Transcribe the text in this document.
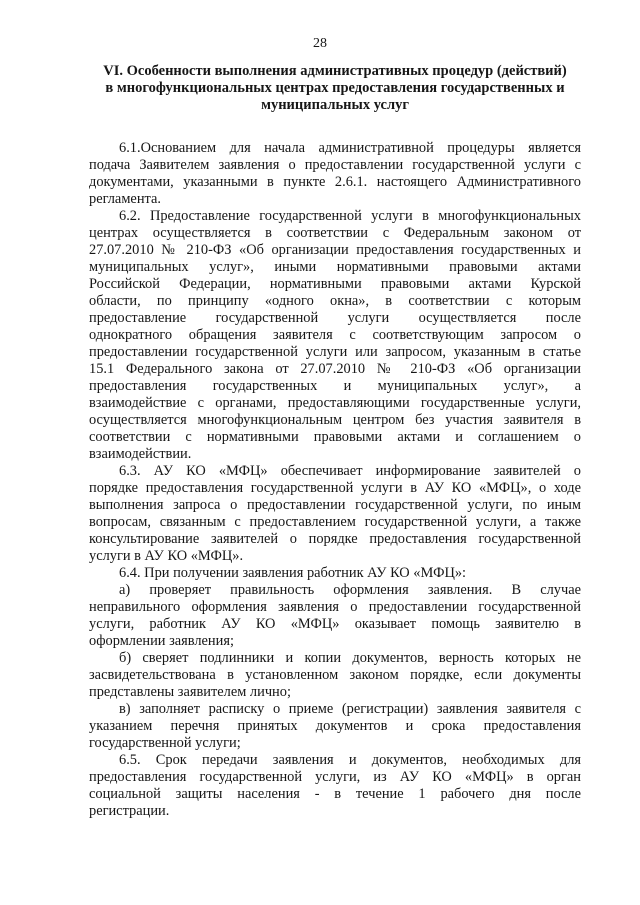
28
VI. Особенности выполнения административных процедур (действий)
в многофункциональных центрах предоставления государственных и
муниципальных услуг
6.1.Основанием для начала административной процедуры является
подача Заявителем заявления о предоставлении государственной услуги с
документами, указанными в пункте 2.6.1. настоящего Административного
регламента.
6.2. Предоставление государственной услуги в многофункциональных
центрах осуществляется в соответствии с Федеральным законом от
27.07.2010 № 210-ФЗ «Об организации предоставления государственных и
муниципальных услуг», иными нормативными правовыми актами
Российской Федерации, нормативными правовыми актами Курской
области, по принципу «одного окна», в соответствии с которым
предоставление государственной услуги осуществляется после
однократного обращения заявителя с соответствующим запросом о
предоставлении государственной услуги или запросом, указанным в статье
15.1 Федерального закона от 27.07.2010 № 210-ФЗ «Об организации
предоставления государственных и муниципальных услуг», а
взаимодействие с органами, предоставляющими государственные услуги,
осуществляется многофункциональным центром без участия заявителя в
соответствии с нормативными правовыми актами и соглашением о
взаимодействии.
6.3. АУ КО «МФЦ» обеспечивает информирование заявителей о
порядке предоставления государственной услуги в АУ КО «МФЦ», о ходе
выполнения запроса о предоставлении государственной услуги, по иным
вопросам, связанным с предоставлением государственной услуги, а также
консультирование заявителей о порядке предоставления государственной
услуги в АУ КО «МФЦ».
6.4. При получении заявления работник АУ КО «МФЦ»:
а) проверяет правильность оформления заявления. В случае
неправильного оформления заявления о предоставлении государственной
услуги, работник АУ КО «МФЦ» оказывает помощь заявителю в
оформлении заявления;
б) сверяет подлинники и копии документов, верность которых не
засвидетельствована в установленном законом порядке, если документы
представлены заявителем лично;
в) заполняет расписку о приеме (регистрации) заявления заявителя с
указанием перечня принятых документов и срока предоставления
государственной услуги;
6.5. Срок передачи заявления и документов, необходимых для
предоставления государственной услуги, из АУ КО «МФЦ» в орган
социальной защиты населения - в течение 1 рабочего дня после
регистрации.
